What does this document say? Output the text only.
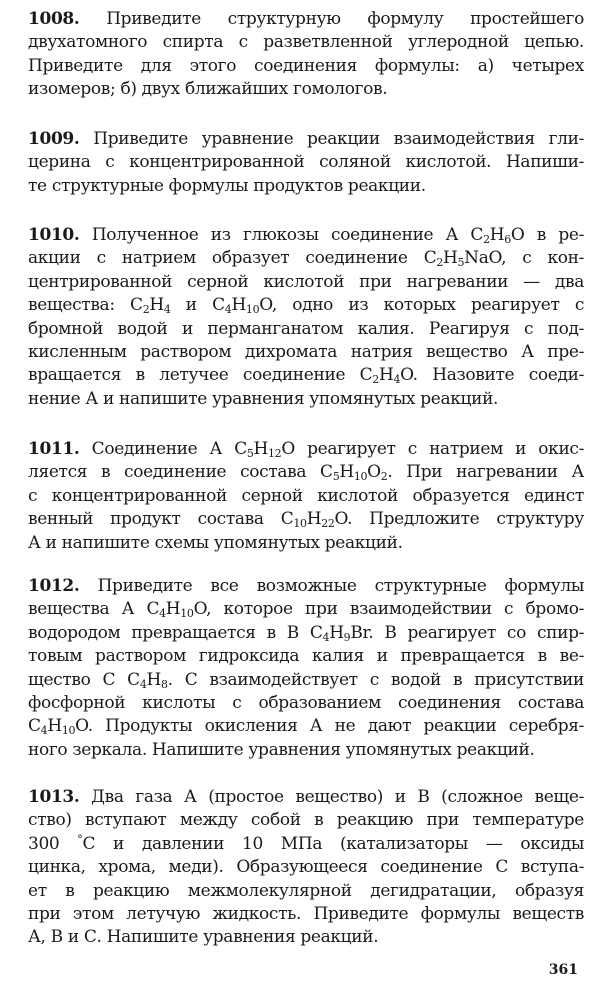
1008. Приведите структурную формулу простейшего
двухатомного спирта с разветвленной углеродной цепью.
Приведите для этого соединения формулы: а) четырех
изомеров; б) двух ближайших гомологов.
1009. Приведите уравнение реакции взаимодействия гли-
церина с концентрированной соляной кислотой. Напиши-
те структурные формулы продуктов реакции.
1010. Полученное из глюкозы соединение А $C_2H_6O$ в ре-
акции с натрием образует соединение $C_2H_5NaO$, с кон-
центрированной серной кислотой при нагревании — два
вещества: $C_2H_4$ и $C_4H_{10}O$, одно из которых реагирует с
бромной водой и перманганатом калия. Реагируя с под-
кисленным раствором дихромата натрия вещество А пре-
вращается в летучее соединение $C_2H_4O$. Назовите соеди-
нение А и напишите уравнения упомянутых реакций.
1011. Соединение А $C_5H_{12}O$ реагирует с натрием и окис-
ляется в соединение состава $C_5H_{10}O_2$. При нагревании А
с концентрированной серной кислотой образуется единст
венный продукт состава $C_{10}H_{22}O$. Предложите структуру
А и напишите схемы упомянутых реакций.
1012. Приведите все возможные структурные формулы
вещества А $C_4H_{10}O$, которое при взаимодействии с бромо-
водородом превращается в В $C_4H_9Br$. В реагирует со спир-
товым раствором гидроксида калия и превращается в ве-
щество С $C_4H_8$. С взаимодействует с водой в присутствии
фосфорной кислоты с образованием соединения состава
$C_4H_{10}O$. Продукты окисления А не дают реакции серебря-
ного зеркала. Напишите уравнения упомянутых реакций.
1013. Два газа А (простое вещество) и В (сложное веще-
ство) вступают между собой в реакцию при температуре
300 °С и давлении 10 МПа (катализаторы — оксиды
цинка, хрома, меди). Образующееся соединение С вступа-
ет в реакцию межмолекулярной дегидратации, образуя
при этом летучую жидкость. Приведите формулы веществ
А, В и С. Напишите уравнения реакций.
361
